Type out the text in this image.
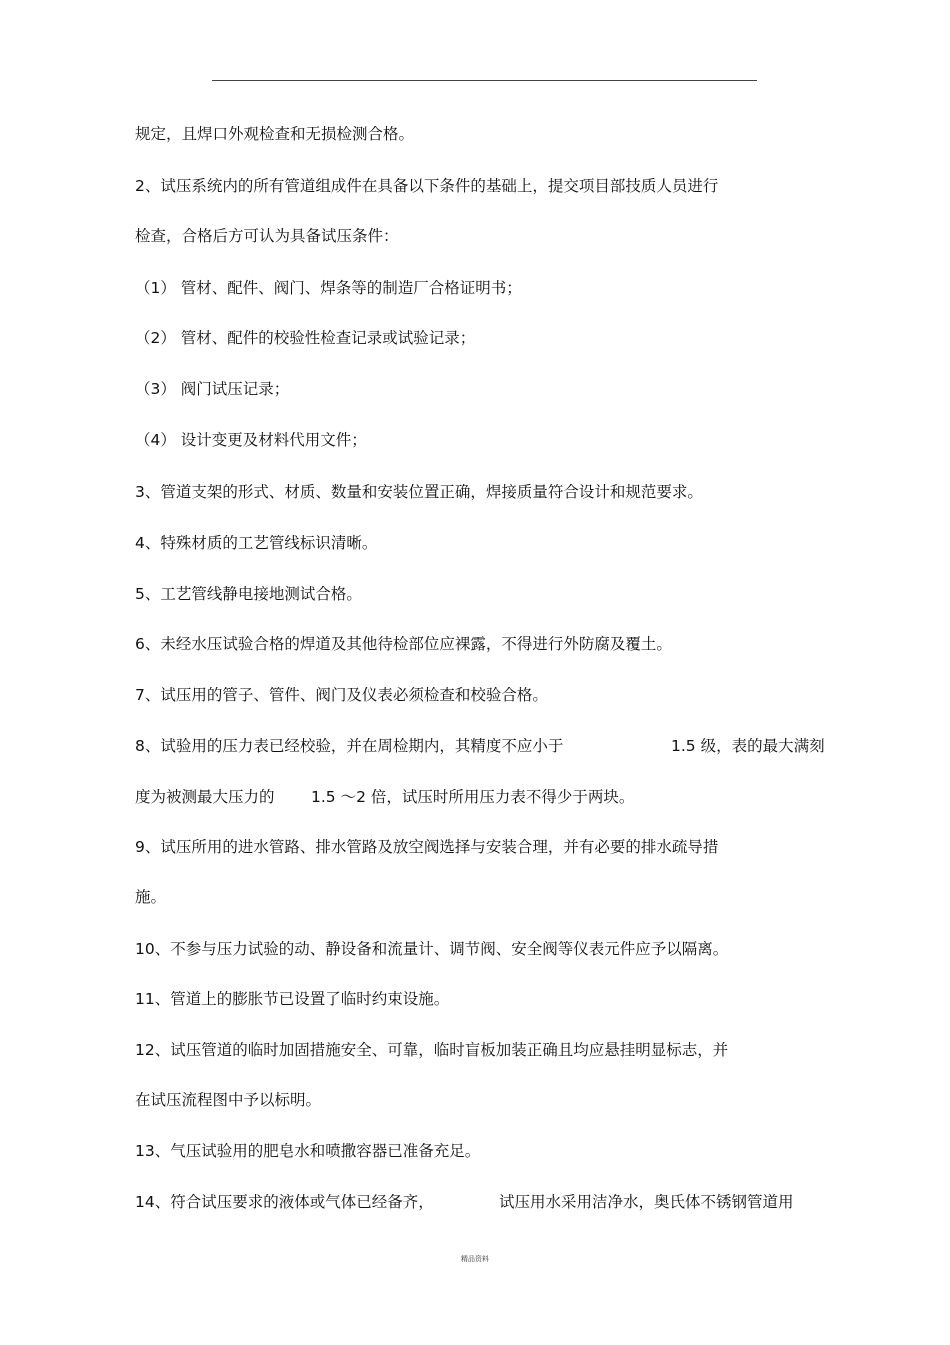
规定，且焊口外观检查和无损检测合格。
2、试压系统内的所有管道组成件在具备以下条件的基础上，提交项目部技质人员进行
检查，合格后方可认为具备试压条件：
（1） 管材、配件、阀门、焊条等的制造厂合格证明书；
（2） 管材、配件的校验性检查记录或试验记录；
（3） 阀门试压记录；
（4） 设计变更及材料代用文件；
3、管道支架的形式、材质、数量和安装位置正确，焊接质量符合设计和规范要求。
4、特殊材质的工艺管线标识清晰。
5、工艺管线静电接地测试合格。
6、未经水压试验合格的焊道及其他待检部位应裸露，不得进行外防腐及覆土。
7、试压用的管子、管件、阀门及仪表必须检查和校验合格。
8、试验用的压力表已经校验，并在周检期内，其精度不应小于	1.5 级，表的最大满刻
度为被测最大压力的 1.5 ～2 倍，试压时所用压力表不得少于两块。
9、试压所用的进水管路、排水管路及放空阀选择与安装合理，并有必要的排水疏导措
施。
10、不参与压力试验的动、静设备和流量计、调节阀、安全阀等仪表元件应予以隔离。
11、管道上的膨胀节已设置了临时约束设施。
12、试压管道的临时加固措施安全、可靠，临时盲板加装正确且均应悬挂明显标志，并
在试压流程图中予以标明。
13、气压试验用的肥皂水和喷撒容器已准备充足。
14、符合试压要求的液体或气体已经备齐，	试压用水采用洁净水，奥氏体不锈钢管道用
精品资料
